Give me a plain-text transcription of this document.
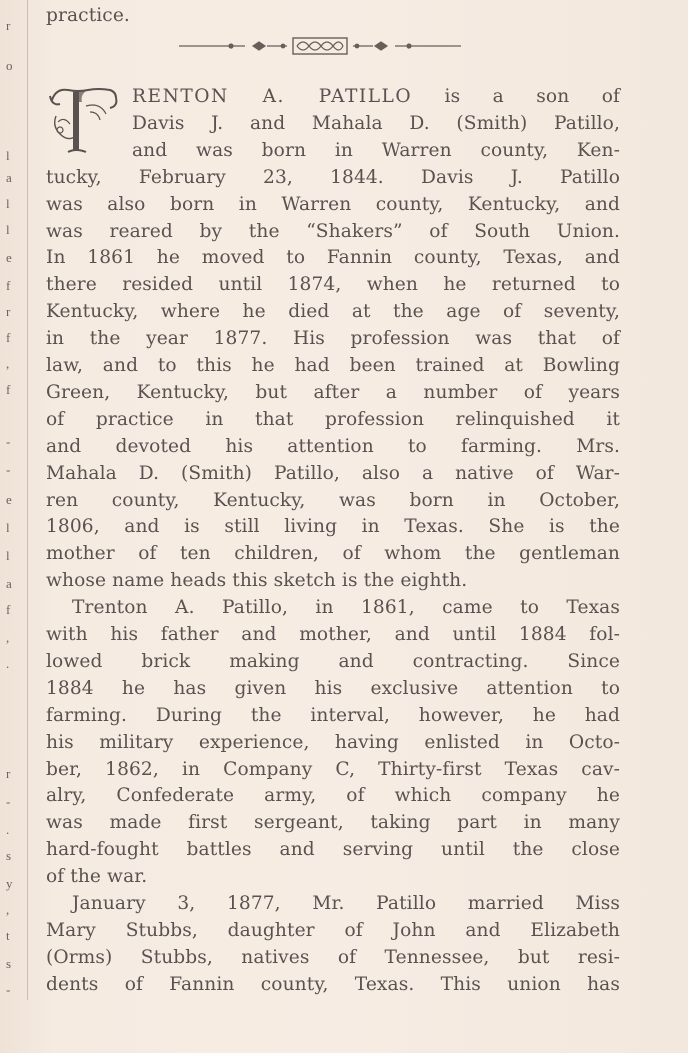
r
o
l
a
l
l
e
f
r
f
,
f
-
-
e
l
l
a
f
,
.
r
-
.
s
y
,
t
s
-
practice.
RENTON A. PATILLO is a son of
Davis J. and Mahala D. (Smith) Patillo,
and was born in Warren county, Ken-
tucky, February 23, 1844. Davis J. Patillo
was also born in Warren county, Kentucky, and
was reared by the “Shakers” of South Union.
In 1861 he moved to Fannin county, Texas, and
there resided until 1874, when he returned to
Kentucky, where he died at the age of seventy,
in the year 1877. His profession was that of
law, and to this he had been trained at Bowling
Green, Kentucky, but after a number of years
of practice in that profession relinquished it
and devoted his attention to farming. Mrs.
Mahala D. (Smith) Patillo, also a native of War-
ren county, Kentucky, was born in October,
1806, and is still living in Texas. She is the
mother of ten children, of whom the gentleman
whose name heads this sketch is the eighth.
Trenton A. Patillo, in 1861, came to Texas
with his father and mother, and until 1884 fol-
lowed brick making and contracting. Since
1884 he has given his exclusive attention to
farming. During the interval, however, he had
his military experience, having enlisted in Octo-
ber, 1862, in Company C, Thirty-first Texas cav-
alry, Confederate army, of which company he
was made first sergeant, taking part in many
hard-fought battles and serving until the close
of the war.
January 3, 1877, Mr. Patillo married Miss
Mary Stubbs, daughter of John and Elizabeth
(Orms) Stubbs, natives of Tennessee, but resi-
dents of Fannin county, Texas. This union has
